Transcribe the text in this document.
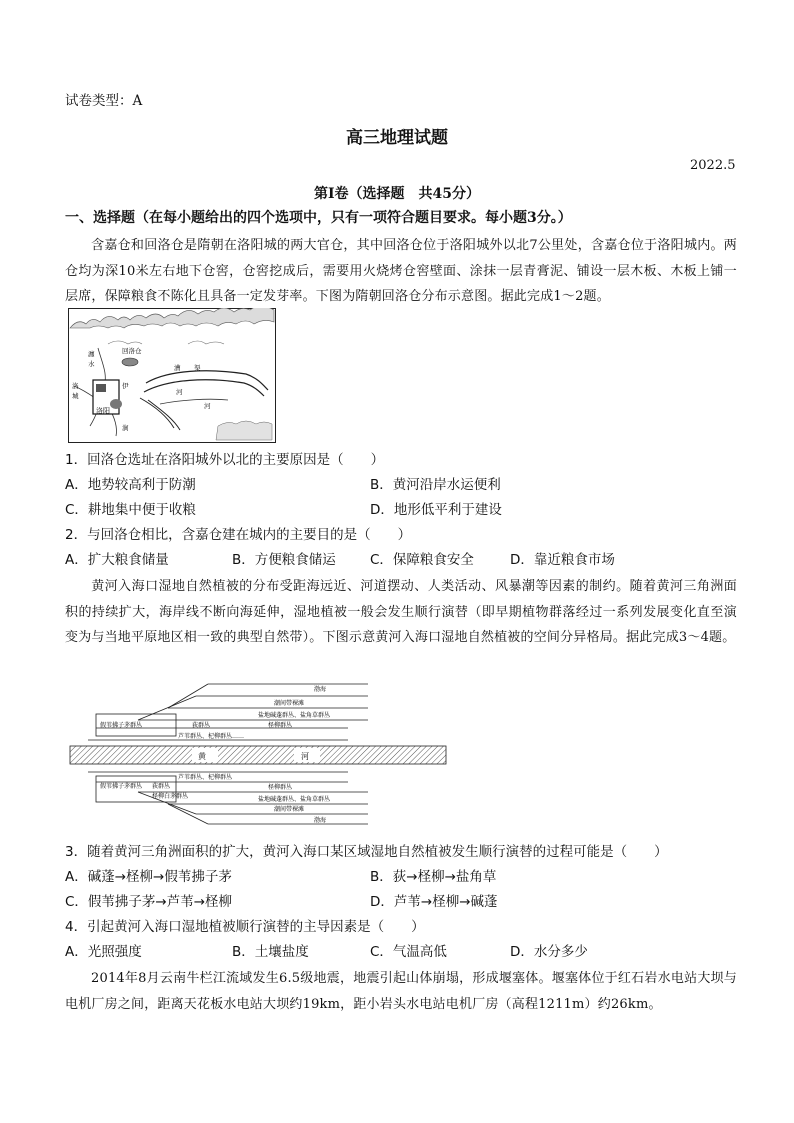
试卷类型：A
高三地理试题
2022.5
第Ⅰ卷（选择题　共45分）
一、选择题（在每小题给出的四个选项中，只有一项符合题目要求。每小题3分。）
含嘉仓和回洛仓是隋朝在洛阳城的两大官仓，其中回洛仓位于洛阳城外以北7公里处，含嘉仓位于洛阳城内。两仓均为深10米左右地下仓窖，仓窖挖成后，需要用火烧烤仓窖壁面、涂抹一层青膏泥、铺设一层木板、木板上铺一层席，保障粮食不陈化且具备一定发芽率。下图为隋朝回洛仓分布示意图。据此完成1～2题。
回洛仓
漕 渠
瀍
水
洛
河
洛阳
城
伊
涧
河
1．回洛仓选址在洛阳城外以北的主要原因是（　　）
A．地势较高利于防潮	B．黄河沿岸水运便利
C．耕地集中便于收粮	D．地形低平利于建设
2．与回洛仓相比，含嘉仓建在城内的主要目的是（　　）
A．扩大粮食储量	B．方便粮食储运	C．保障粮食安全	D．靠近粮食市场
黄河入海口湿地自然植被的分布受距海远近、河道摆动、人类活动、风暴潮等因素的制约。随着黄河三角洲面积的持续扩大，海岸线不断向海延伸，湿地植被一般会发生顺行演替（即早期植物群落经过一系列发展变化直至演变为与当地平原地区相一致的典型自然带）。下图示意黄河入海口湿地自然植被的空间分异格局。据此完成3～4题。
渤海
潮间带裸滩
盐地碱蓬群丛、盐角草群丛
柽柳群丛
荻群丛
假苇拂子茅群丛
芦苇群丛、杞柳群丛……
黄	河
芦苇群丛、杞柳群丛
假苇拂子茅群丛 荻群丛
柽柳白茅群丛
柽柳群丛
盐地碱蓬群丛、盐角草群丛
潮间带裸滩
渤海
3．随着黄河三角洲面积的扩大，黄河入海口某区域湿地自然植被发生顺行演替的过程可能是（　　）
A．碱蓬→柽柳→假苇拂子茅	B．荻→柽柳→盐角草
C．假苇拂子茅→芦苇→柽柳	D．芦苇→柽柳→碱蓬
4．引起黄河入海口湿地植被顺行演替的主导因素是（　　）
A．光照强度	B．土壤盐度	C．气温高低	D．水分多少
2014年8月云南牛栏江流域发生6.5级地震，地震引起山体崩塌，形成堰塞体。堰塞体位于红石岩水电站大坝与电机厂房之间，距离天花板水电站大坝约19km，距小岩头水电站电机厂房（高程1211m）约26km。
